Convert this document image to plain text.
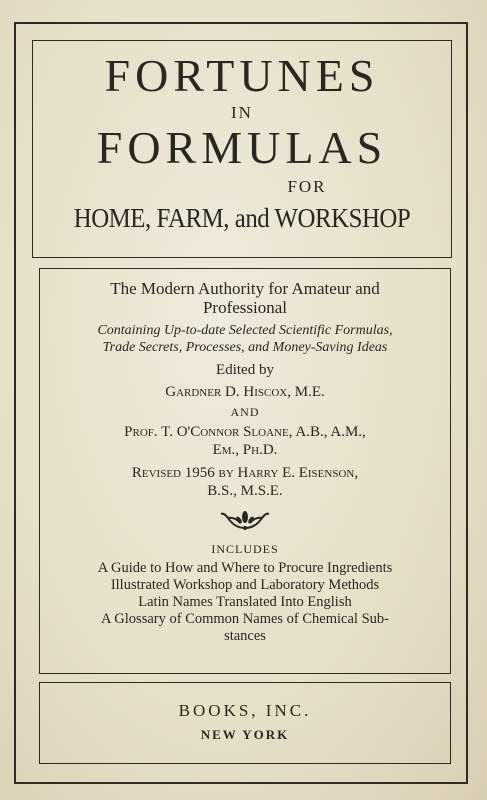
FORTUNES

IN

FORMULAS

FOR

HOME, FARM, and WORKSHOP

The Modern Authority for Amateur and

Professional

Containing Up-to-date Selected Scientific Formulas,

Trade Secrets, Processes, and Money-Saving Ideas

Edited by

Gardner D. Hiscox, M.E.

AND

Prof. T. O'Connor Sloane, A.B., A.M.,

Em., Ph.D.

Revised 1956 by Harry E. Eisenson,

B.S., M.S.E.

INCLUDES

A Guide to How and Where to Procure Ingredients

Illustrated Workshop and Laboratory Methods

Latin Names Translated Into English

A Glossary of Common Names of Chemical Sub-

stances

BOOKS, INC.

NEW YORK
